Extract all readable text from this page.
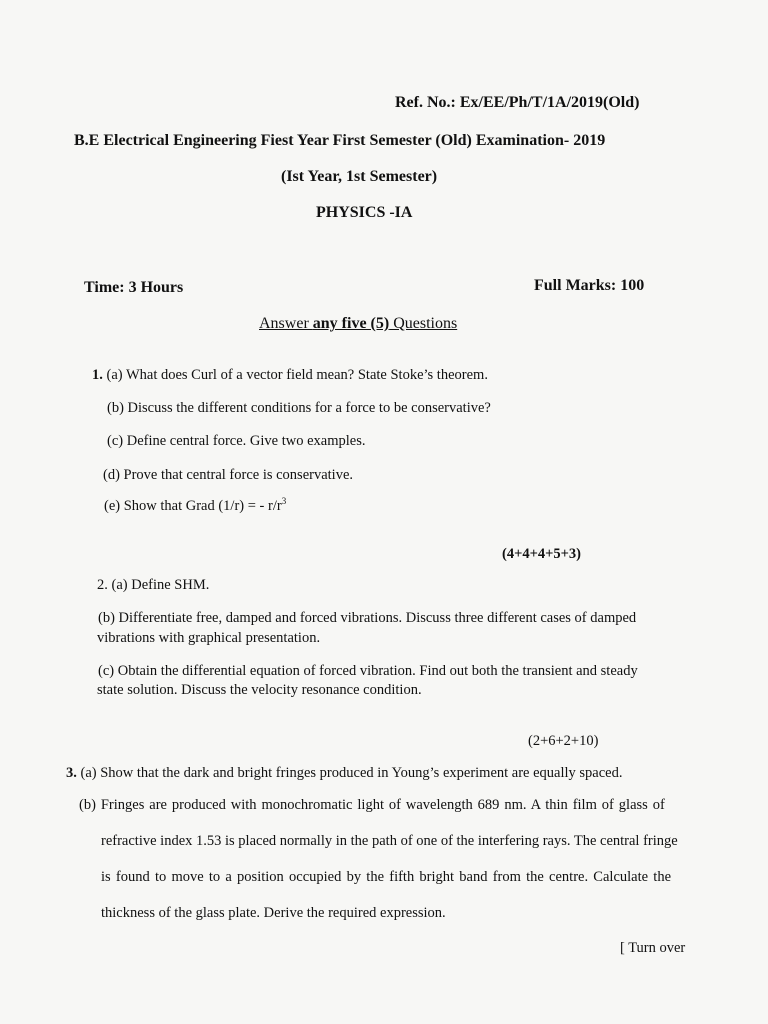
Ref. No.: Ex/EE/Ph/T/1A/2019(Old)
B.E Electrical Engineering Fiest Year First Semester (Old) Examination- 2019
(Ist Year, 1st Semester)
PHYSICS -IA
Time: 3 Hours	Full Marks: 100
Answer any five (5) Questions
1. (a) What does Curl of a vector field mean? State Stoke’s theorem.
(b) Discuss the different conditions for a force to be conservative?
(c) Define central force. Give two examples.
(d) Prove that central force is conservative.
(e) Show that Grad (1/r) = - $r/r^3$
(4+4+4+5+3)
2. (a) Define SHM.
(b) Differentiate free, damped and forced vibrations. Discuss three different cases of damped
vibrations with graphical presentation.
(c) Obtain the differential equation of forced vibration. Find out both the transient and steady
state solution. Discuss the velocity resonance condition.
(2+6+2+10)
3. (a) Show that the dark and bright fringes produced in Young’s experiment are equally spaced.
(b) Fringes are produced with monochromatic light of wavelength 689 nm. A thin film of glass of
refractive index 1.53 is placed normally in the path of one of the interfering rays. The central fringe
is found to move to a position occupied by the fifth bright band from the centre. Calculate the
thickness of the glass plate. Derive the required expression.
[ Turn over
